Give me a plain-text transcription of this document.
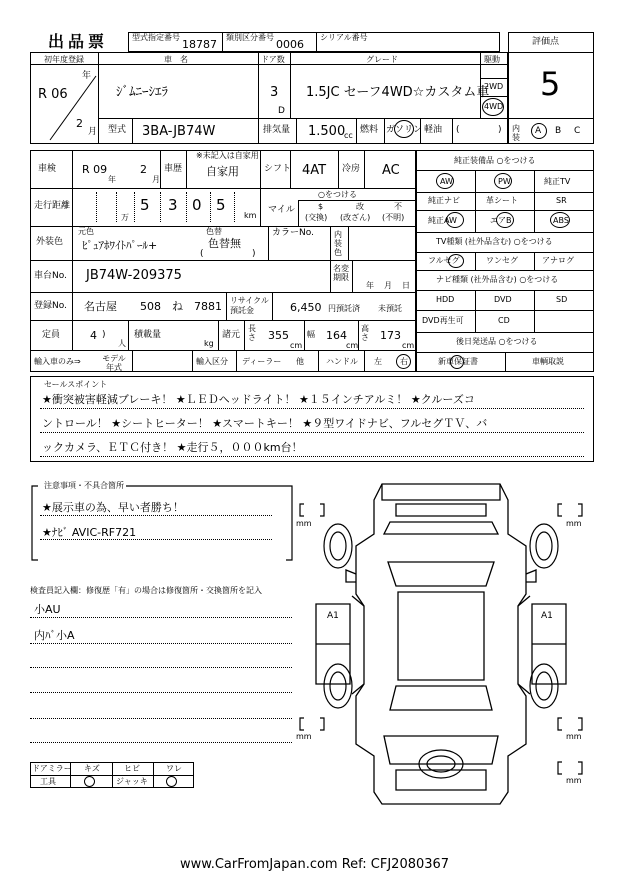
出品票	型式指定番号
18787
類別区分番号
0006
シリアル番号	評価点
5
内装
A B C
初年度登録
R 06
年
2
月
車　名
ｼﾞﾑﾆｰｼｴﾗ
ドア数
3
D
グレード
1.5JC セーフ4WD☆カスタム車
駆動
2WD
4WD
型式 3BA-JB74W	排気量 1.500
cc
燃料 ガソリン 軽油 (	)
車検 R 09
年
2
月
車歴
※未記入は自家用
自家用	シフト 4AT 冷房 AC
走行距離
万
5 3 0 5
km
マイル
○をつける
$
(交換)
改
(改ざん)
不
(不明)
外装色
元色
ﾋﾟｭｱﾎﾜｲﾄﾊﾟｰﾙ+
色替
色替無
(	)
カラーNo.	内装色
車台No. JB74W-209375	名変期限
年 月 日
登録No. 名古屋 508 ね 7881 リサイクル預託金	6,450 円預託済 未預託
定員	4 )
人
積載量
kg
諸元
長さ 355
cm
幅 164
cm
高さ 173
cm
輸入車のみ⇒	モデル年式
輸入区分 ディーラー 他	ハンドル 左 右
純正装備品 ○をつける
AW	PW	純正TV
純正ナビ	革シート	SR
純正AW	エアB	ABS
TV種類 (社外品含む) ○をつける
フルセグ	ワンセグ	アナログ
ナビ種類 (社外品含む) ○をつける
HDD	DVD	SD
DVD再生可	CD
後日発送品 ○をつける
新車保証書	車輌取説
セールスポイント
★衝突被害軽減ブレーキ！ ★ＬＥＤヘッドライト！ ★１５インチアルミ！ ★クルーズコ
ントロール！ ★シートヒーター！ ★スマートキー！ ★９型ワイドナビ、フルセグＴＶ、バ
ックカメラ、ＥＴＣ付き！ ★走行５，０００km台！
注意事項・不具合箇所
★展示車の為、早い者勝ち！
★ﾅﾋﾞ AVIC-RF721
検査員記入欄：修復歴「有」の場合は修復箇所・交換箇所を記入
小AU
内ﾊﾞ小A
ドアミラー キズ	ヒビ	ワレ
工具	ジャッキ
mm	mm
mm	mm
mm
A1	A1
www.CarFromJapan.com Ref: CFJ2080367
